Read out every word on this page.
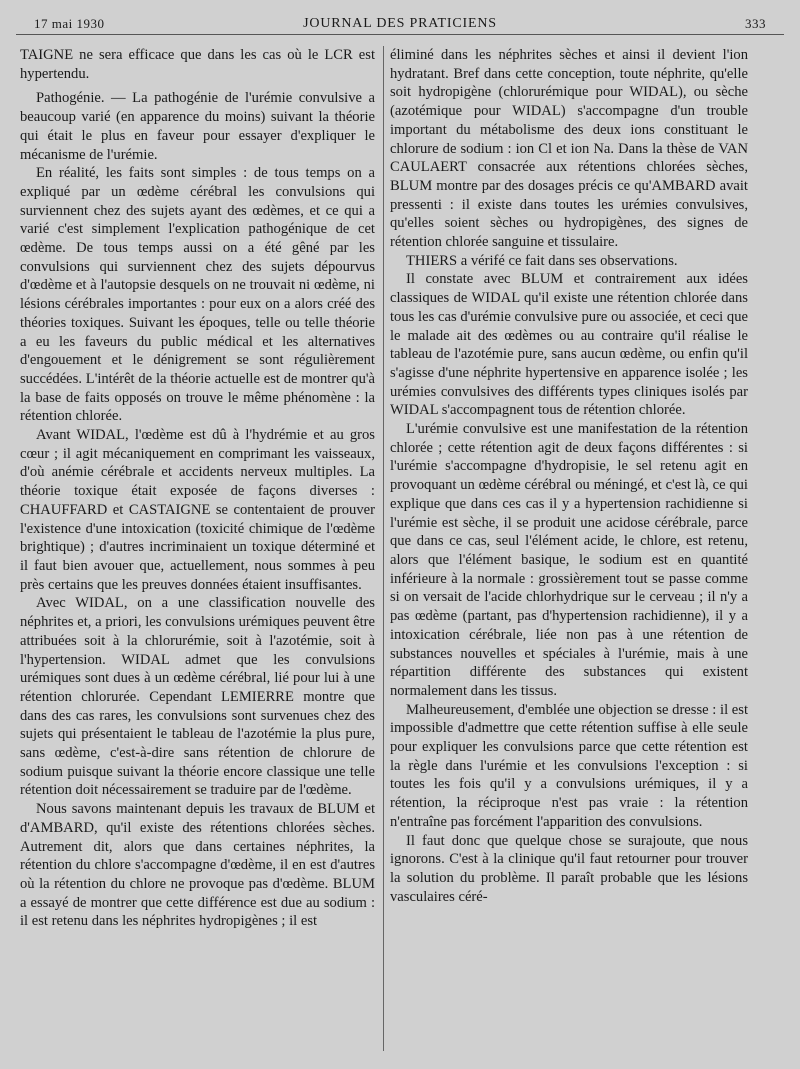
17 mai 1930	JOURNAL DES PRATICIENS	333

TAIGNE ne sera efficace que dans les cas où le LCR est hypertendu.

Pathogénie. — La pathogénie de l'urémie convulsive a beaucoup varié (en apparence du moins) suivant la théorie qui était le plus en faveur pour essayer d'expliquer le mécanisme de l'urémie.

En réalité, les faits sont simples : de tous temps on a expliqué par un œdème cérébral les convulsions qui surviennent chez des sujets ayant des œdèmes, et ce qui a varié c'est simplement l'explication pathogénique de cet œdème. De tous temps aussi on a été gêné par les convulsions qui surviennent chez des sujets dépourvus d'œdème et à l'autopsie desquels on ne trouvait ni œdème, ni lésions cérébrales importantes : pour eux on a alors créé des théories toxiques. Suivant les époques, telle ou telle théorie a eu les faveurs du public médical et les alternatives d'engouement et le dénigrement se sont régulièrement succédées. L'intérêt de la théorie actuelle est de montrer qu'à la base de faits opposés on trouve le même phénomène : la rétention chlorée.

Avant WIDAL, l'œdème est dû à l'hydrémie et au gros cœur ; il agit mécaniquement en comprimant les vaisseaux, d'où anémie cérébrale et accidents nerveux multiples. La théorie toxique était exposée de façons diverses : CHAUFFARD et CASTAIGNE se contentaient de prouver l'existence d'une intoxication (toxicité chimique de l'œdème brightique) ; d'autres incriminaient un toxique déterminé et il faut bien avouer que, actuellement, nous sommes à peu près certains que les preuves données étaient insuffisantes.

Avec WIDAL, on a une classification nouvelle des néphrites et, a priori, les convulsions urémiques peuvent être attribuées soit à la chlorurémie, soit à l'azotémie, soit à l'hypertension. WIDAL admet que les convulsions urémiques sont dues à un œdème cérébral, lié pour lui à une rétention chlorurée. Cependant LEMIERRE montre que dans des cas rares, les convulsions sont survenues chez des sujets qui présentaient le tableau de l'azotémie la plus pure, sans œdème, c'est-à-dire sans rétention de chlorure de sodium puisque suivant la théorie encore classique une telle rétention doit nécessairement se traduire par de l'œdème.

Nous savons maintenant depuis les travaux de BLUM et d'AMBARD, qu'il existe des rétentions chlorées sèches. Autrement dit, alors que dans certaines néphrites, la rétention du chlore s'accompagne d'œdème, il en est d'autres où la rétention du chlore ne provoque pas d'œdème. BLUM a essayé de montrer que cette différence est due au sodium : il est retenu dans les néphrites hydropigènes ; il est

éliminé dans les néphrites sèches et ainsi il devient l'ion hydratant. Bref dans cette conception, toute néphrite, qu'elle soit hydropigène (chlorurémique pour WIDAL), ou sèche (azotémique pour WIDAL) s'accompagne d'un trouble important du métabolisme des deux ions constituant le chlorure de sodium : ion Cl et ion Na. Dans la thèse de VAN CAULAERT consacrée aux rétentions chlorées sèches, BLUM montre par des dosages précis ce qu'AMBARD avait pressenti : il existe dans toutes les urémies convulsives, qu'elles soient sèches ou hydropigènes, des signes de rétention chlorée sanguine et tissulaire.

THIERS a vérifé ce fait dans ses observations.

Il constate avec BLUM et contrairement aux idées classiques de WIDAL qu'il existe une rétention chlorée dans tous les cas d'urémie convulsive pure ou associée, et ceci que le malade ait des œdèmes ou au contraire qu'il réalise le tableau de l'azotémie pure, sans aucun œdème, ou enfin qu'il s'agisse d'une néphrite hypertensive en apparence isolée ; les urémies convulsives des différents types cliniques isolés par WIDAL s'accompagnent tous de rétention chlorée.

L'urémie convulsive est une manifestation de la rétention chlorée ; cette rétention agit de deux façons différentes : si l'urémie s'accompagne d'hydropisie, le sel retenu agit en provoquant un œdème cérébral ou méningé, et c'est là, ce qui explique que dans ces cas il y a hypertension rachidienne si l'urémie est sèche, il se produit une acidose cérébrale, parce que dans ce cas, seul l'élément acide, le chlore, est retenu, alors que l'élément basique, le sodium est en quantité inférieure à la normale : grossièrement tout se passe comme si on versait de l'acide chlorhydrique sur le cerveau ; il n'y a pas œdème (partant, pas d'hypertension rachidienne), il y a intoxication cérébrale, liée non pas à une rétention de substances nouvelles et spéciales à l'urémie, mais à une répartition différente des substances qui existent normalement dans les tissus.

Malheureusement, d'emblée une objection se dresse : il est impossible d'admettre que cette rétention suffise à elle seule pour expliquer les convulsions parce que cette rétention est la règle dans l'urémie et les convulsions l'exception : si toutes les fois qu'il y a convulsions urémiques, il y a rétention, la réciproque n'est pas vraie : la rétention n'entraîne pas forcément l'apparition des convulsions.

Il faut donc que quelque chose se surajoute, que nous ignorons. C'est à la clinique qu'il faut retourner pour trouver la solution du problème. Il paraît probable que les lésions vasculaires céré-
